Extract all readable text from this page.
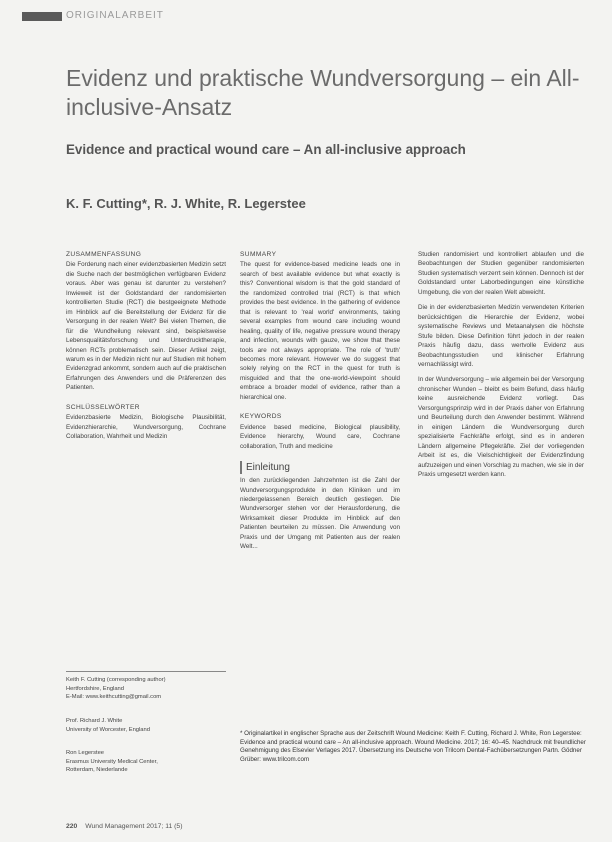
ORIGINALARBEIT
Evidenz und praktische Wundversorgung – ein All-inclusive-Ansatz
Evidence and practical wound care – An all-inclusive approach
K. F. Cutting*, R. J. White, R. Legerstee
ZUSAMMENFASSUNG

Die Forderung nach einer evidenzbasierten Medizin setzt die Suche nach der bestmöglichen verfügbaren Evidenz voraus. Aber was genau ist darunter zu verstehen? Inwieweit ist der Goldstandard der randomisierten kontrollierten Studie (RCT) die bestgeeignete Methode im Hinblick auf die Bereitstellung der Evidenz für die Versorgung in der realen Welt? Bei vielen Themen, die für die Wundheilung relevant sind, beispielsweise Lebensqualitätsforschung und Unterdrucktherapie, können RCTs problematisch sein. Dieser Artikel zeigt, warum es in der Medizin nicht nur auf Studien mit hohem Evidenzgrad ankommt, sondern auch auf die praktischen Erfahrungen des Anwenders und die Präferenzen des Patienten.

SCHLÜSSELWÖRTER

Evidenzbasierte Medizin, Biologische Plausibilität, Evidenzhierarchie, Wundversorgung, Cochrane Collaboration, Wahrheit und Medizin

SUMMARY

The quest for evidence-based medicine leads one in search of best available evidence but what exactly is this? Conventional wisdom is that the gold standard of the randomized controlled trial (RCT) is that which provides the best evidence. In the gathering of evidence that is relevant to 'real world' environments, taking several examples from wound care including wound healing, quality of life, negative pressure wound therapy and infection, wounds with gauze, we show that these tools are not always appropriate. The role of 'truth' becomes more relevant. However we do suggest that solely relying on the RCT in the quest for truth is misguided and that the one-world-viewpoint should embrace a broader model of evidence, rather than a hierarchical one.

KEYWORDS

Evidence based medicine, Biological plausibility, Evidence hierarchy, Wound care, Cochrane collaboration, Truth and medicine

Einleitung

In den zurückliegenden Jahrzehnten ist die Zahl der Wundversorgungsprodukte in den Kliniken und im niedergelassenen Bereich deutlich gestiegen. Die Wundversorger stehen vor der Herausforderung, die Wirksamkeit dieser Produkte im Hinblick auf den Patienten beurteilen zu müssen. Die Anwendung von Praxis und der Umgang mit Patienten aus der realen Welt...

Studien randomisiert und kontrolliert ablaufen und die Beobachtungen der Studien gegenüber randomisierten Studien systematisch verzerrt sein können. Dennoch ist der Goldstandard unter Laborbedingungen eine künstliche Umgebung, die von der realen Welt abweicht.

Die in der evidenzbasierten Medizin verwendeten Kriterien berücksichtigen die Hierarchie der Evidenz, wobei systematische Reviews und Metaanalysen die höchste Stufe bilden. Diese Definition führt jedoch in der realen Praxis häufig dazu, dass wertvolle Evidenz aus Beobachtungsstudien und klinischer Erfahrung vernachlässigt wird.

In der Wundversorgung – wie allgemein bei der Versorgung chronischer Wunden – bleibt es beim Befund, dass häufig keine ausreichende Evidenz vorliegt. Das Versorgungsprinzip wird in der Praxis daher von Erfahrung und Beurteilung durch den Anwender bestimmt. Während in einigen Ländern die Wundversorgung durch spezialisierte Fachkräfte erfolgt, sind es in anderen Ländern allgemeine Pflegekräfte. Ziel der vorliegenden Arbeit ist es, die Vielschichtigkeit der Evidenzfindung aufzuzeigen und einen Vorschlag zu machen, wie sie in der Praxis umgesetzt werden kann.

Keith F. Cutting (corresponding author)
Hertfordshire, England
E-Mail: www.keithcutting@gmail.com
Prof. Richard J. White
University of Worcester, England
Ron Legerstee
Erasmus University Medical Center,
Rotterdam, Niederlande
* Originalartikel in englischer Sprache aus der Zeitschrift Wound Medicine: Keith F. Cutting, Richard J. White, Ron Legerstee: Evidence and practical wound care – An all-inclusive approach. Wound Medicine. 2017; 16: 40–45. Nachdruck mit freundlicher Genehmigung des Elsevier Verlages 2017. Übersetzung ins Deutsche von Trilcom Dental-Fachübersetzungen Partn. Gödner Grüber: www.trilcom.com
220 Wund Management 2017; 11 (5)
